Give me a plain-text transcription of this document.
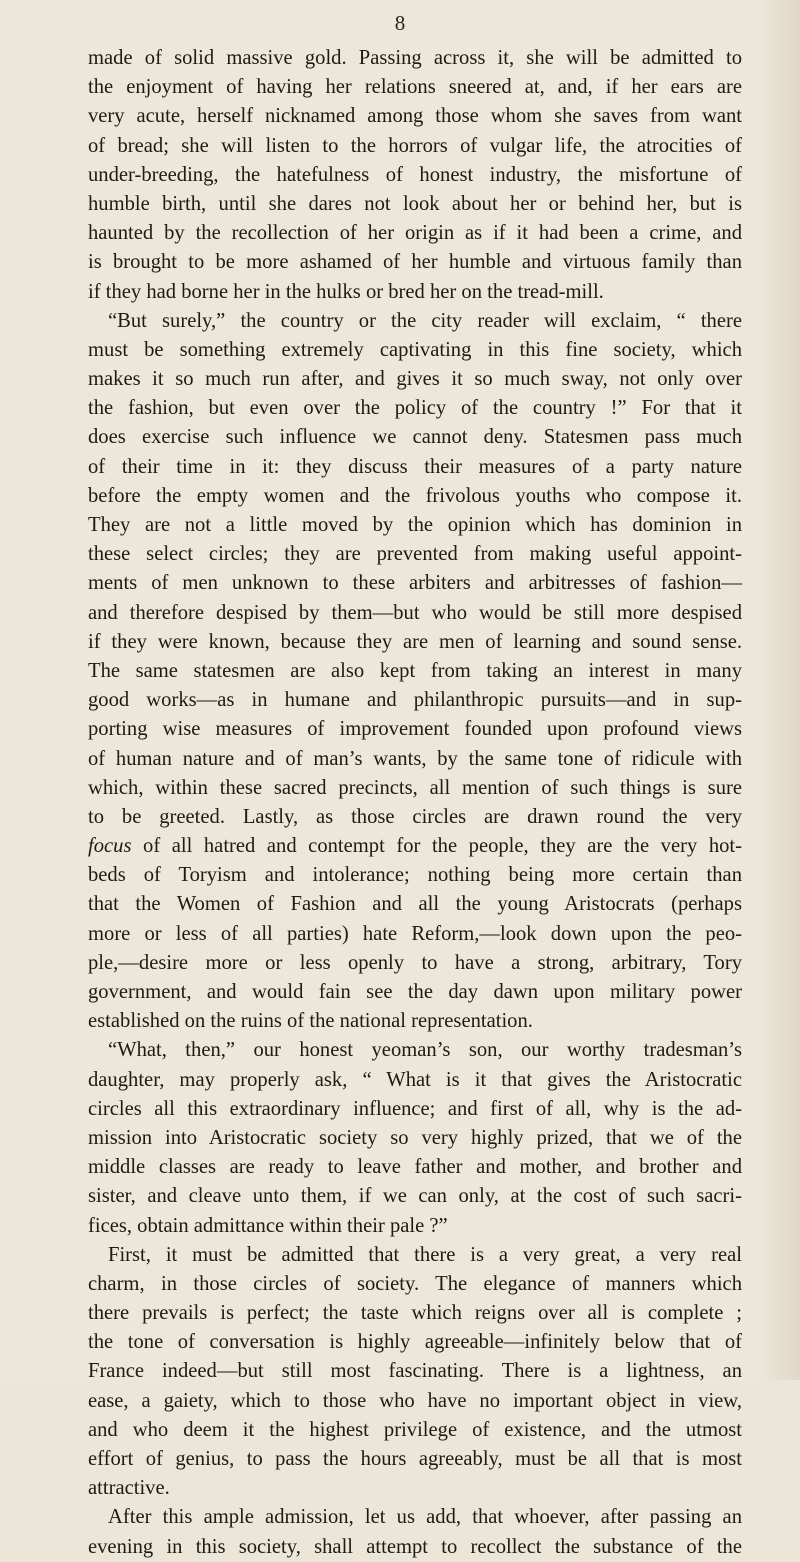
8
made of solid massive gold. Passing across it, she will be admitted to
the enjoyment of having her relations sneered at, and, if her ears are
very acute, herself nicknamed among those whom she saves from want
of bread; she will listen to the horrors of vulgar life, the atrocities of
under-breeding, the hatefulness of honest industry, the misfortune of
humble birth, until she dares not look about her or behind her, but is
haunted by the recollection of her origin as if it had been a crime, and
is brought to be more ashamed of her humble and virtuous family than
if they had borne her in the hulks or bred her on the tread-mill.
“But surely,” the country or the city reader will exclaim, “ there
must be something extremely captivating in this fine society, which
makes it so much run after, and gives it so much sway, not only over
the fashion, but even over the policy of the country !” For that it
does exercise such influence we cannot deny. Statesmen pass much
of their time in it: they discuss their measures of a party nature
before the empty women and the frivolous youths who compose it.
They are not a little moved by the opinion which has dominion in
these select circles; they are prevented from making useful appoint-
ments of men unknown to these arbiters and arbitresses of fashion—
and therefore despised by them—but who would be still more despised
if they were known, because they are men of learning and sound sense.
The same statesmen are also kept from taking an interest in many
good works—as in humane and philanthropic pursuits—and in sup-
porting wise measures of improvement founded upon profound views
of human nature and of man’s wants, by the same tone of ridicule with
which, within these sacred precincts, all mention of such things is sure
to be greeted. Lastly, as those circles are drawn round the very
focus of all hatred and contempt for the people, they are the very hot-
beds of Toryism and intolerance; nothing being more certain than
that the Women of Fashion and all the young Aristocrats (perhaps
more or less of all parties) hate Reform,—look down upon the peo-
ple,—desire more or less openly to have a strong, arbitrary, Tory
government, and would fain see the day dawn upon military power
established on the ruins of the national representation.
“What, then,” our honest yeoman’s son, our worthy tradesman’s
daughter, may properly ask, “ What is it that gives the Aristocratic
circles all this extraordinary influence; and first of all, why is the ad-
mission into Aristocratic society so very highly prized, that we of the
middle classes are ready to leave father and mother, and brother and
sister, and cleave unto them, if we can only, at the cost of such sacri-
fices, obtain admittance within their pale ?”
First, it must be admitted that there is a very great, a very real
charm, in those circles of society. The elegance of manners which
there prevails is perfect; the taste which reigns over all is complete ;
the tone of conversation is highly agreeable—infinitely below that of
France indeed—but still most fascinating. There is a lightness, an
ease, a gaiety, which to those who have no important object in view,
and who deem it the highest privilege of existence, and the utmost
effort of genius, to pass the hours agreeably, must be all that is most
attractive.
After this ample admission, let us add, that whoever, after passing an
evening in this society, shall attempt to recollect the substance of the
